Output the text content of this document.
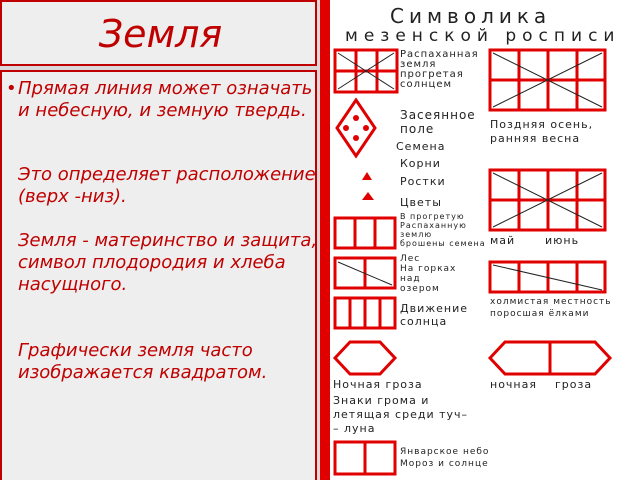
Земля
• Прямая линия может означать и небесную, и земную твердь.
Это определяет расположение (верх -низ).
Земля - материнство и защита, символ плодородия и хлеба насущного.
Графически земля часто изображается квадратом.
Символика
мезенской росписи
Распаханная
земля
прогретая
солнцем
Засеянное
поле
Семена
Корни
Ростки
Цветы
В прогретую
Распаханную
землю
брошены семена
Лес
На горках
над
озером
Движение
солнца
Ночная гроза
Знаки грома и
летящая среди туч–
– луна
Январское небо
Мороз и солнце
Поздняя осень,
ранняя весна
май	июнь
холмистая местность
поросшая ёлками
ночная гроза
